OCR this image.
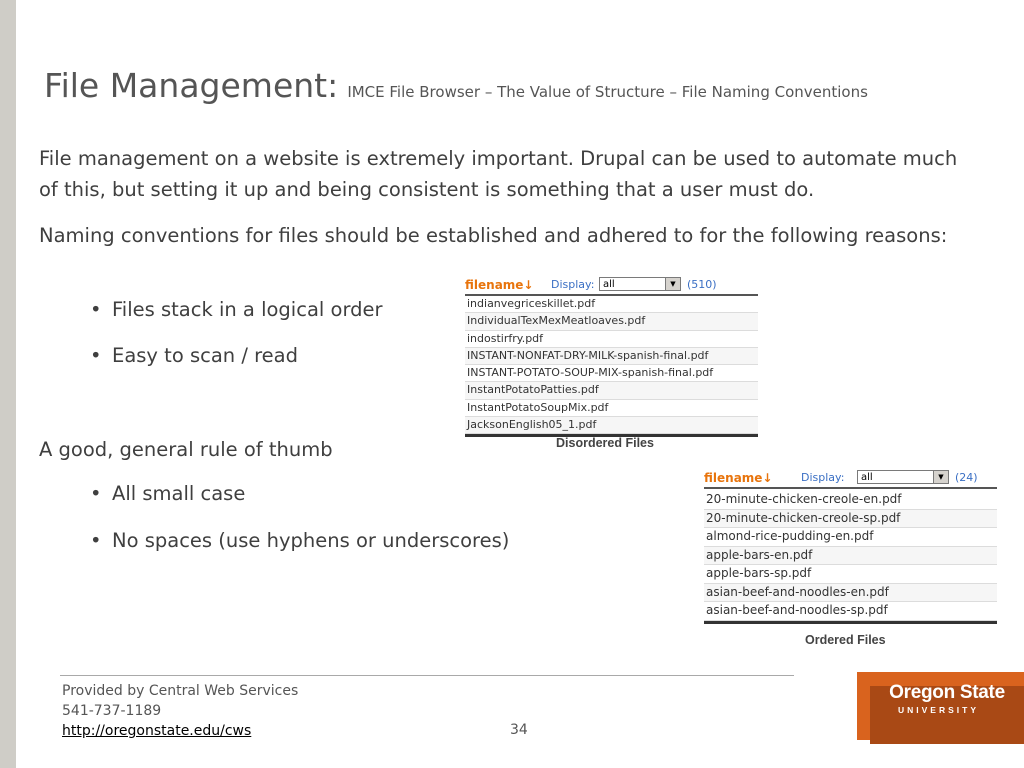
File Management: IMCE File Browser – The Value of Structure – File Naming Conventions
File management on a website is extremely important. Drupal can be used to automate much of this, but setting it up and being consistent is something that a user must do.
Naming conventions for files should be established and adhered to for the following reasons:
• Files stack in a logical order
• Easy to scan / read
A good, general rule of thumb
• All small case
• No spaces (use hyphens or underscores)
filename↓ Display: all	▼	(510)
indianvegriceskillet.pdf
IndividualTexMexMeatloaves.pdf
indostirfry.pdf
INSTANT-NONFAT-DRY-MILK-spanish-final.pdf
INSTANT-POTATO-SOUP-MIX-spanish-final.pdf
InstantPotatoPatties.pdf
InstantPotatoSoupMix.pdf
JacksonEnglish05_1.pdf
Disordered Files
filename↓	Display:	all	▼	(24)
20-minute-chicken-creole-en.pdf
20-minute-chicken-creole-sp.pdf
almond-rice-pudding-en.pdf
apple-bars-en.pdf
apple-bars-sp.pdf
asian-beef-and-noodles-en.pdf
asian-beef-and-noodles-sp.pdf
Ordered Files
Provided by Central Web Services
541-737-1189
http://oregonstate.edu/cws	34
Oregon State
UNIVERSITY
